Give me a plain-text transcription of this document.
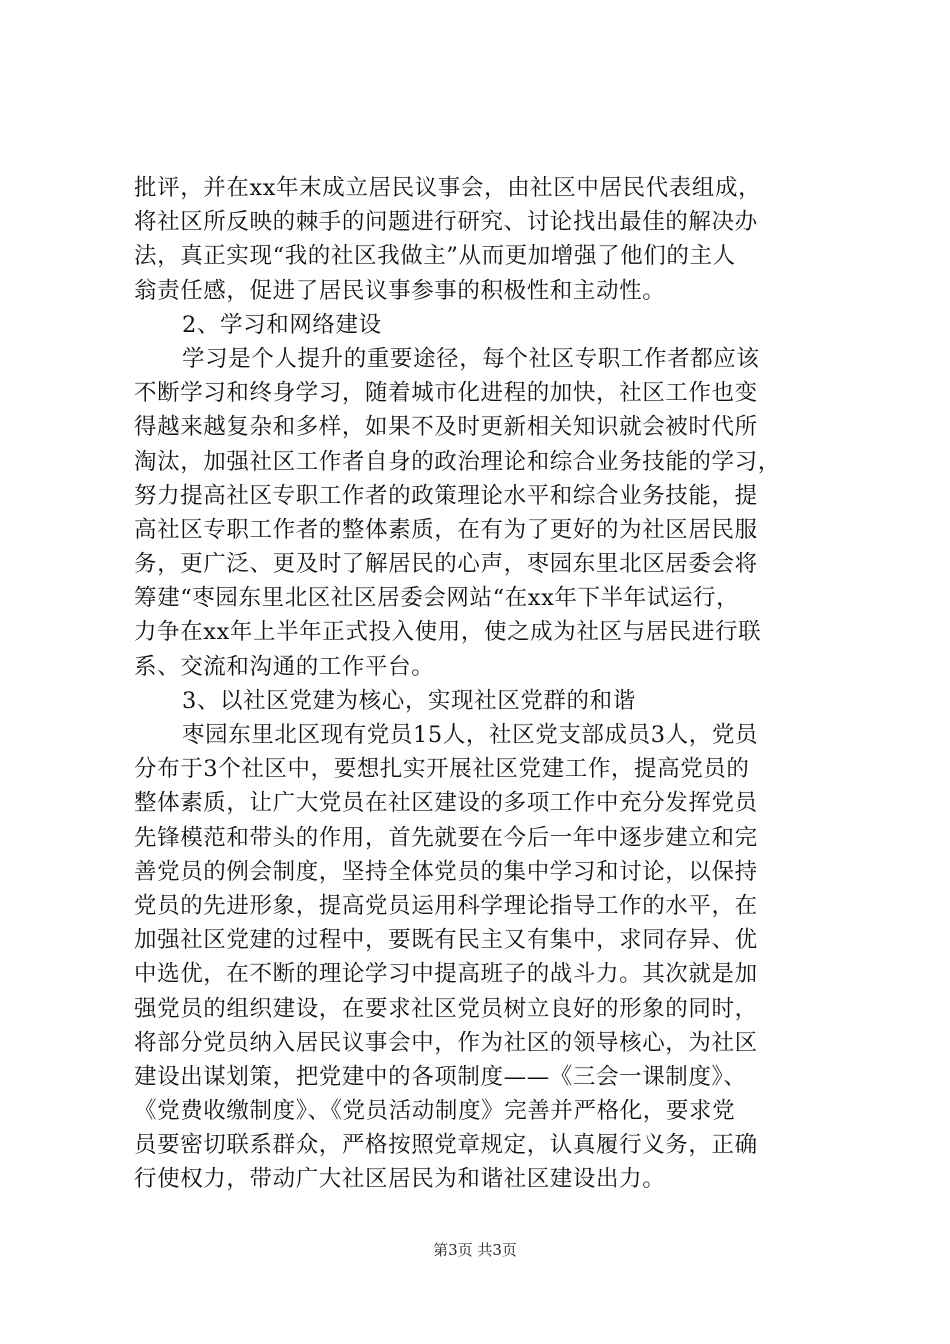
批评，并在xx年末成立居民议事会，由社区中居民代表组成，
将社区所反映的棘手的问题进行研究、讨论找出最佳的解决办
法，真正实现“我的社区我做主”从而更加增强了他们的主人
翁责任感，促进了居民议事参事的积极性和主动性。
2、学习和网络建设
学习是个人提升的重要途径，每个社区专职工作者都应该
不断学习和终身学习，随着城市化进程的加快，社区工作也变
得越来越复杂和多样，如果不及时更新相关知识就会被时代所
淘汰，加强社区工作者自身的政治理论和综合业务技能的学习，
努力提高社区专职工作者的政策理论水平和综合业务技能，提
高社区专职工作者的整体素质，在有为了更好的为社区居民服
务，更广泛、更及时了解居民的心声，枣园东里北区居委会将
筹建“枣园东里北区社区居委会网站“在xx年下半年试运行，
力争在xx年上半年正式投入使用，使之成为社区与居民进行联
系、交流和沟通的工作平台。
3、以社区党建为核心，实现社区党群的和谐
枣园东里北区现有党员15人，社区党支部成员3人，党员
分布于3个社区中，要想扎实开展社区党建工作，提高党员的
整体素质，让广大党员在社区建设的多项工作中充分发挥党员
先锋模范和带头的作用，首先就要在今后一年中逐步建立和完
善党员的例会制度，坚持全体党员的集中学习和讨论，以保持
党员的先进形象，提高党员运用科学理论指导工作的水平，在
加强社区党建的过程中，要既有民主又有集中，求同存异、优
中选优，在不断的理论学习中提高班子的战斗力。其次就是加
强党员的组织建设，在要求社区党员树立良好的形象的同时，
将部分党员纳入居民议事会中，作为社区的领导核心，为社区
建设出谋划策，把党建中的各项制度——《三会一课制度》、
《党费收缴制度》、《党员活动制度》完善并严格化，要求党
员要密切联系群众，严格按照党章规定，认真履行义务，正确
行使权力，带动广大社区居民为和谐社区建设出力。
第3页 共3页
